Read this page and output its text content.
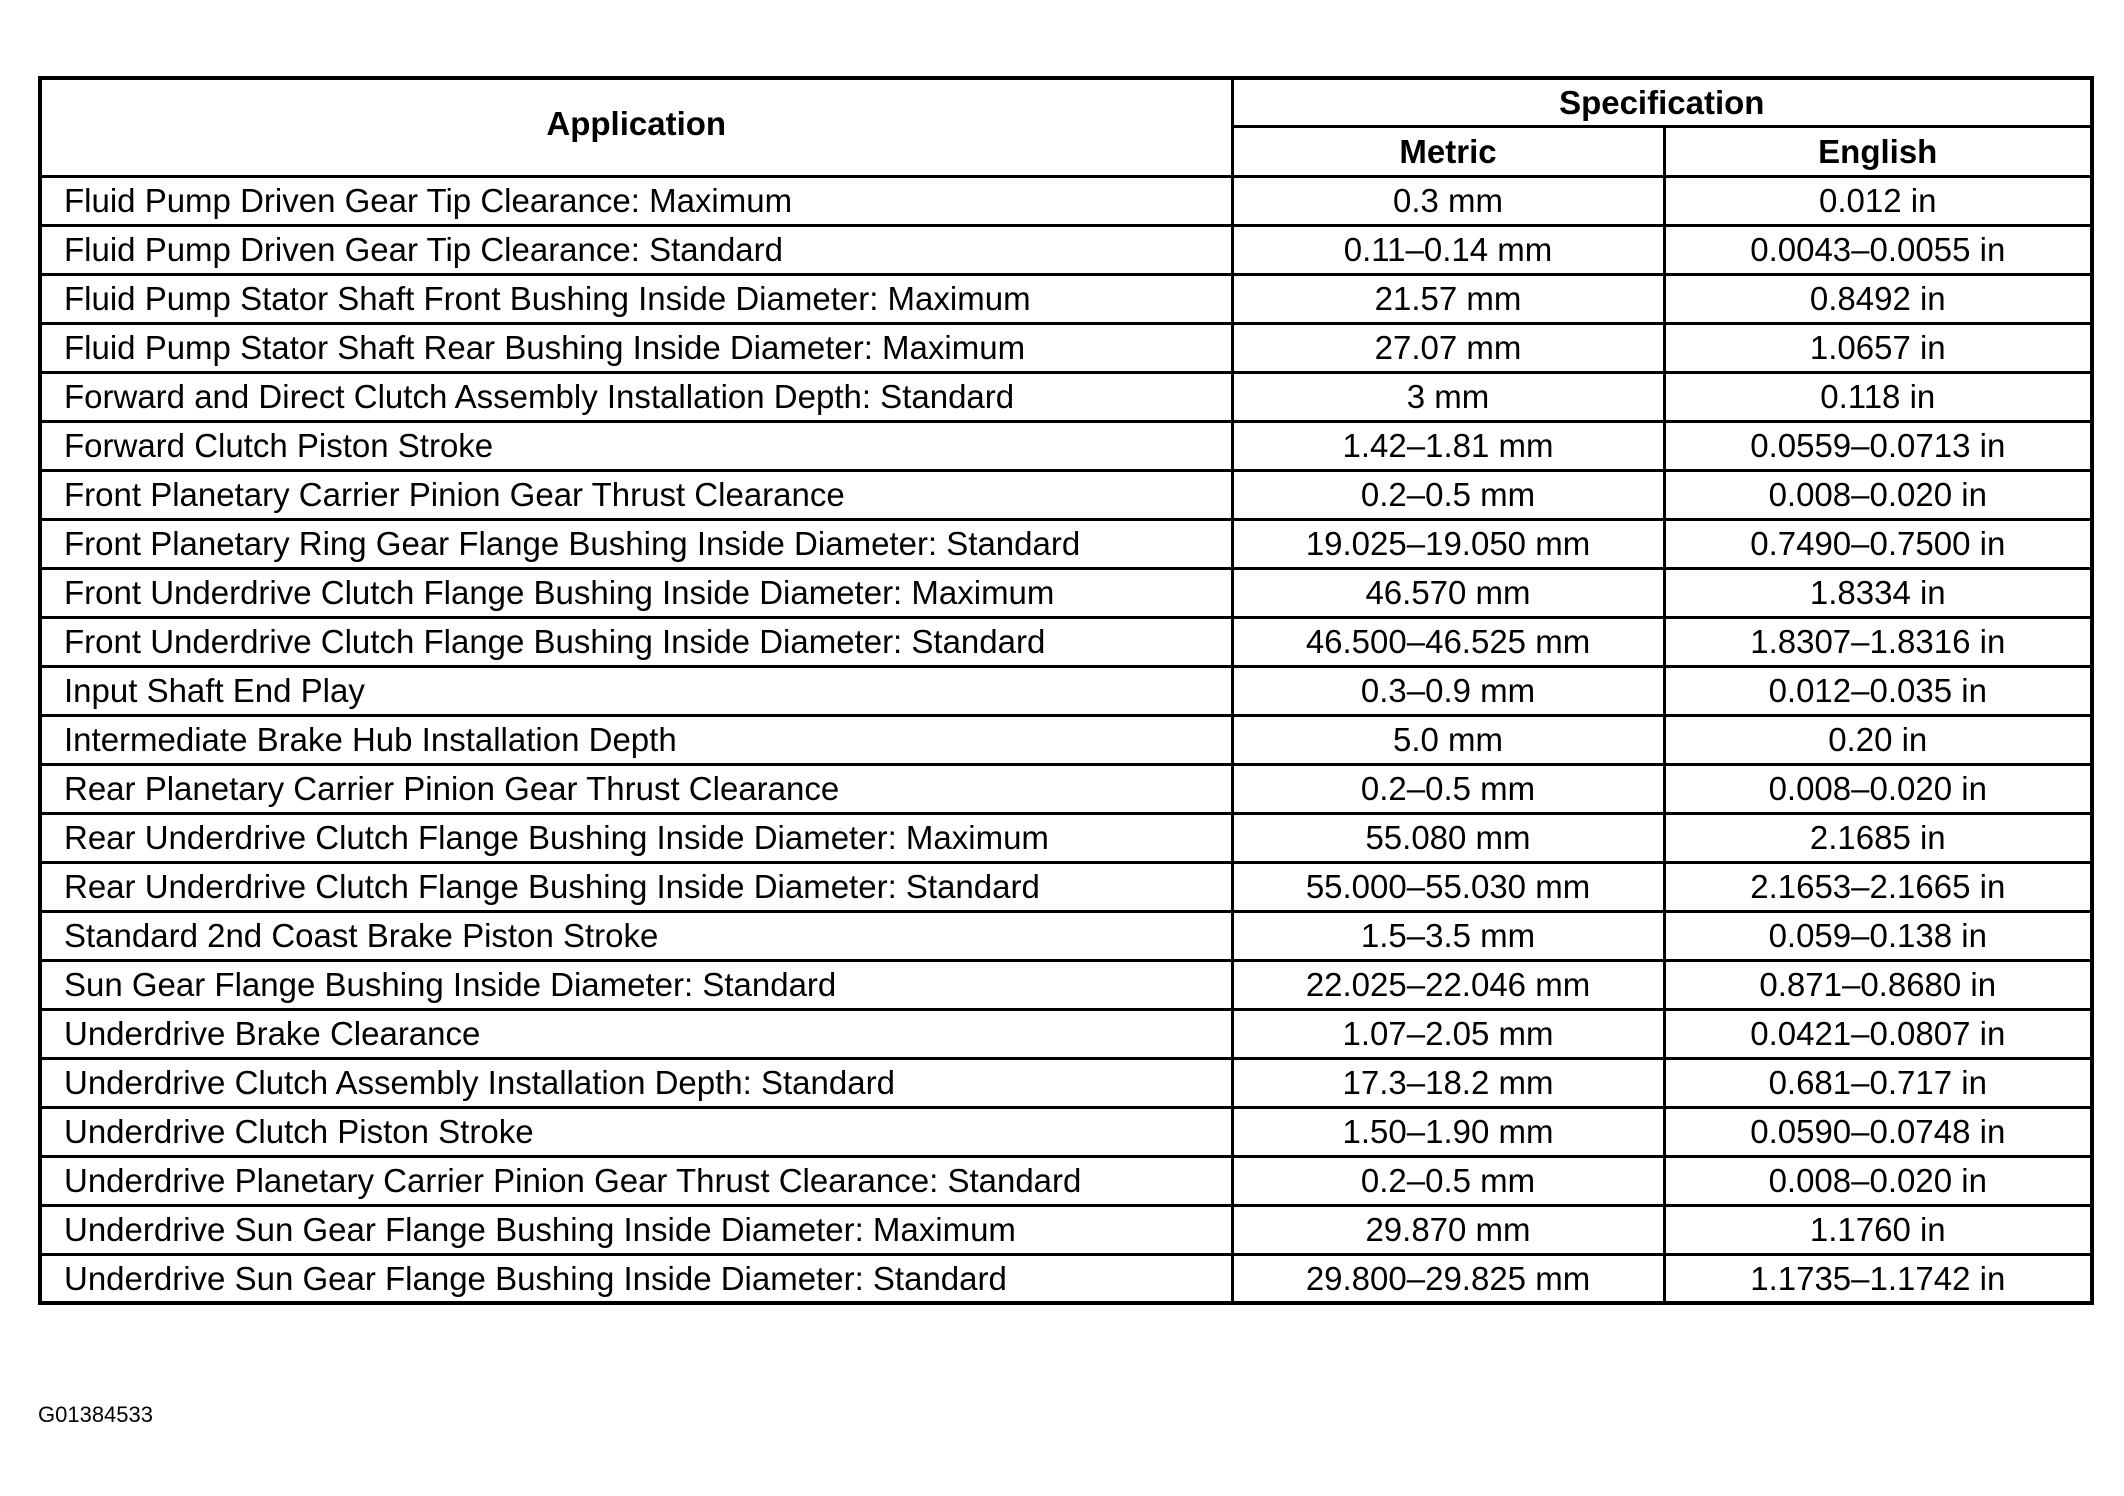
Application	Specification	
	Metric	English
Fluid Pump Driven Gear Tip Clearance: Maximum	0.3 mm	0.012 in
Fluid Pump Driven Gear Tip Clearance: Standard	0.11–0.14 mm	0.0043–0.0055 in
Fluid Pump Stator Shaft Front Bushing Inside Diameter: Maximum	21.57 mm	0.8492 in
Fluid Pump Stator Shaft Rear Bushing Inside Diameter: Maximum	27.07 mm	1.0657 in
Forward and Direct Clutch Assembly Installation Depth: Standard	3 mm	0.118 in
Forward Clutch Piston Stroke	1.42–1.81 mm	0.0559–0.0713 in
Front Planetary Carrier Pinion Gear Thrust Clearance	0.2–0.5 mm	0.008–0.020 in
Front Planetary Ring Gear Flange Bushing Inside Diameter: Standard	19.025–19.050 mm	0.7490–0.7500 in
Front Underdrive Clutch Flange Bushing Inside Diameter: Maximum	46.570 mm	1.8334 in
Front Underdrive Clutch Flange Bushing Inside Diameter: Standard	46.500–46.525 mm	1.8307–1.8316 in
Input Shaft End Play	0.3–0.9 mm	0.012–0.035 in
Intermediate Brake Hub Installation Depth	5.0 mm	0.20 in
Rear Planetary Carrier Pinion Gear Thrust Clearance	0.2–0.5 mm	0.008–0.020 in
Rear Underdrive Clutch Flange Bushing Inside Diameter: Maximum	55.080 mm	2.1685 in
Rear Underdrive Clutch Flange Bushing Inside Diameter: Standard	55.000–55.030 mm	2.1653–2.1665 in
Standard 2nd Coast Brake Piston Stroke	1.5–3.5 mm	0.059–0.138 in
Sun Gear Flange Bushing Inside Diameter: Standard	22.025–22.046 mm	0.871–0.8680 in
Underdrive Brake Clearance	1.07–2.05 mm	0.0421–0.0807 in
Underdrive Clutch Assembly Installation Depth: Standard	17.3–18.2 mm	0.681–0.717 in
Underdrive Clutch Piston Stroke	1.50–1.90 mm	0.0590–0.0748 in
Underdrive Planetary Carrier Pinion Gear Thrust Clearance: Standard	0.2–0.5 mm	0.008–0.020 in
Underdrive Sun Gear Flange Bushing Inside Diameter: Maximum	29.870 mm	1.1760 in
Underdrive Sun Gear Flange Bushing Inside Diameter: Standard	29.800–29.825 mm	1.1735–1.1742 in
G01384533
